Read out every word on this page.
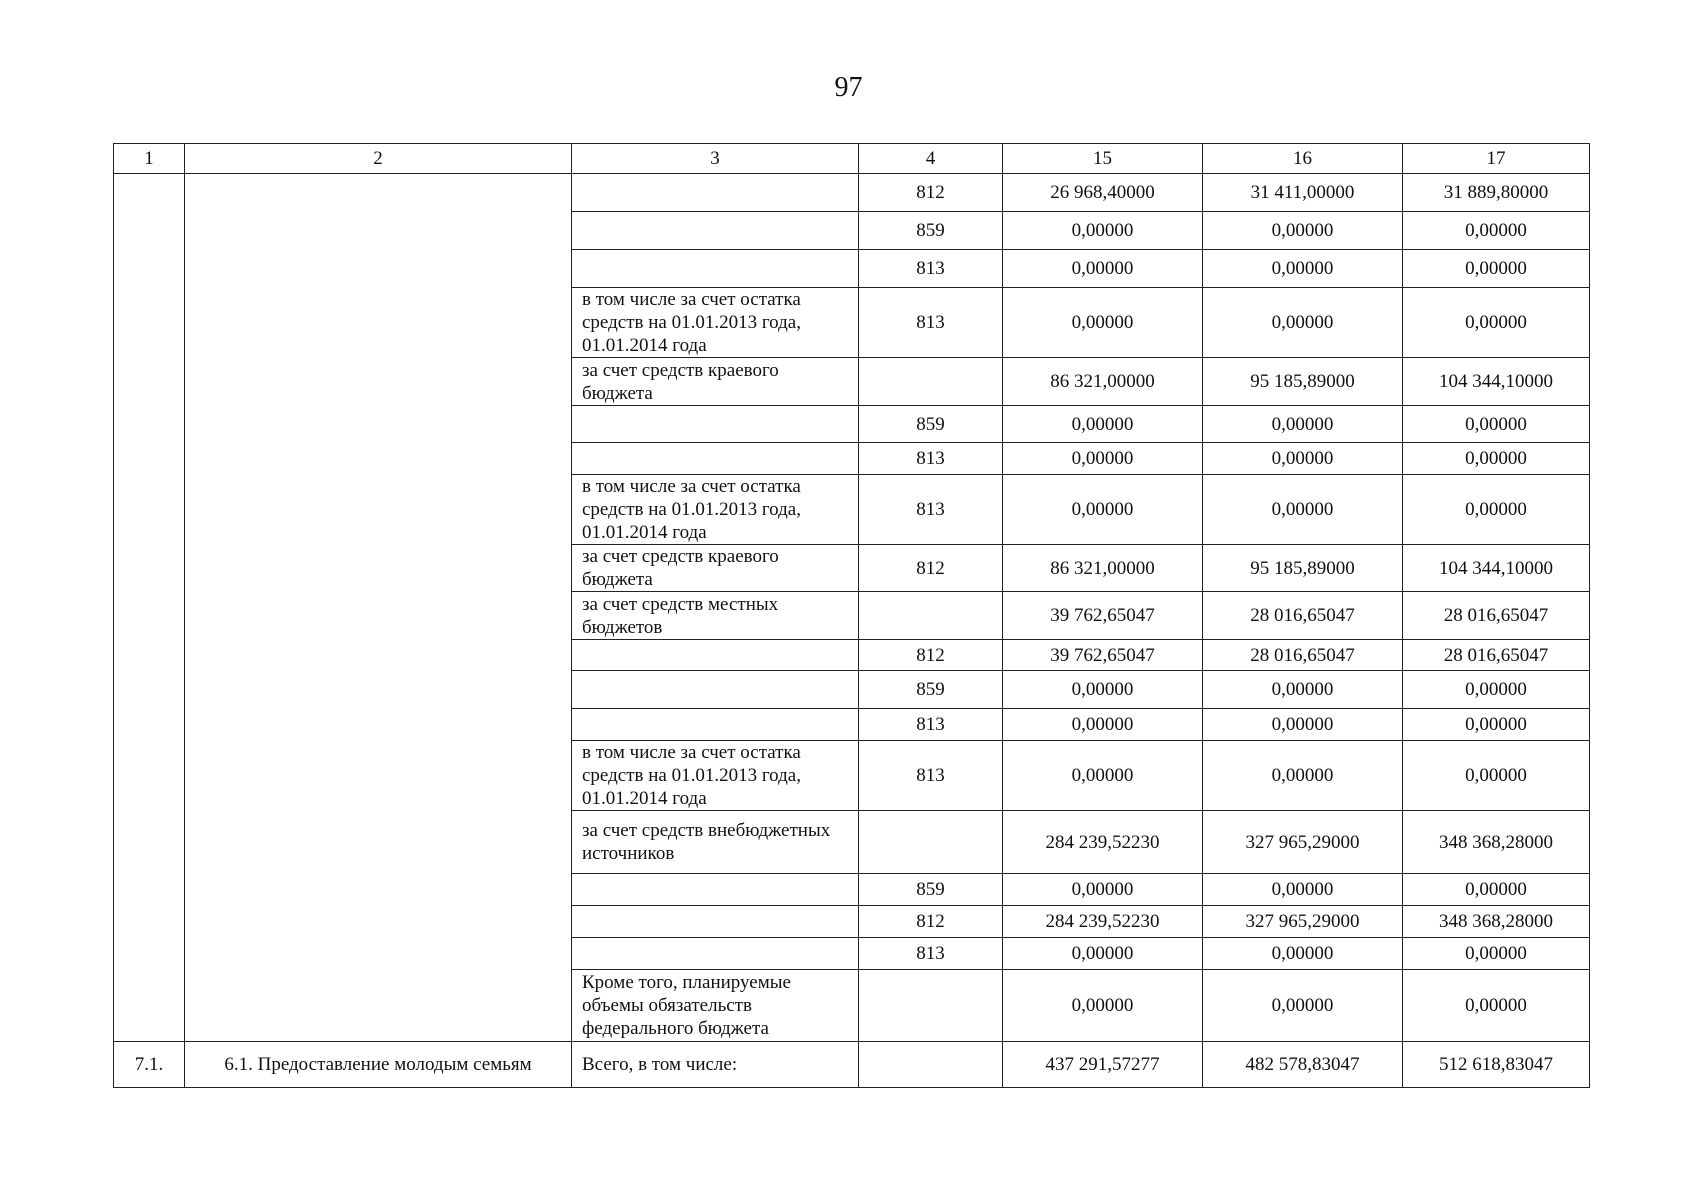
97
1	2	3	4	15	16	17
			812	26 968,40000	31 411,00000	31 889,80000
			859	0,00000	0,00000	0,00000
			813	0,00000	0,00000	0,00000
		в том числе за счет остатка средств на 01.01.2013 года, 01.01.2014 года	813	0,00000	0,00000	0,00000
		за счет средств краевого бюджета		86 321,00000	95 185,89000	104 344,10000
			859	0,00000	0,00000	0,00000
			813	0,00000	0,00000	0,00000
		в том числе за счет остатка средств на 01.01.2013 года, 01.01.2014 года	813	0,00000	0,00000	0,00000
		за счет средств краевого бюджета	812	86 321,00000	95 185,89000	104 344,10000
		за счет средств местных бюджетов		39 762,65047	28 016,65047	28 016,65047
			812	39 762,65047	28 016,65047	28 016,65047
			859	0,00000	0,00000	0,00000
			813	0,00000	0,00000	0,00000
		в том числе за счет остатка средств на 01.01.2013 года, 01.01.2014 года	813	0,00000	0,00000	0,00000
		за счет средств внебюджетных источников		284 239,52230	327 965,29000	348 368,28000
			859	0,00000	0,00000	0,00000
			812	284 239,52230	327 965,29000	348 368,28000
			813	0,00000	0,00000	0,00000
		Кроме того, планируемые объемы обязательств федерального бюджета		0,00000	0,00000	0,00000
7.1.	6.1. Предоставление молодым семьям	Всего, в том числе:		437 291,57277	482 578,83047	512 618,83047
